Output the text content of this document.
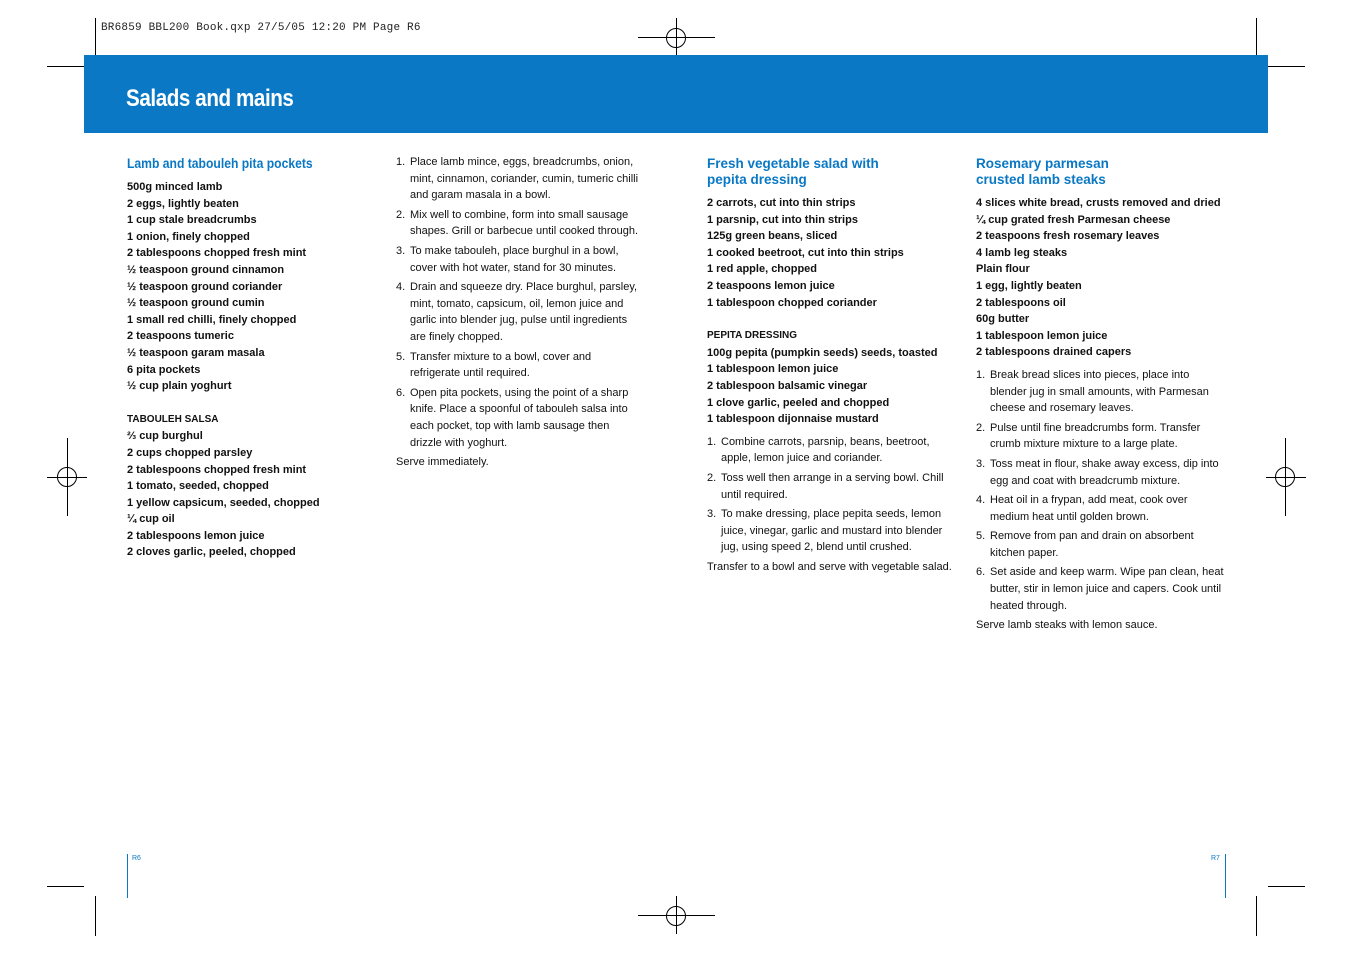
BR6859 BBL200 Book.qxp 27/5/05 12:20 PM Page R6
Salads and mains
Lamb and tabouleh pita pockets
500g minced lamb
2 eggs, lightly beaten
1 cup stale breadcrumbs
1 onion, finely chopped
2 tablespoons chopped fresh mint
½ teaspoon ground cinnamon
½ teaspoon ground coriander
½ teaspoon ground cumin
1 small red chilli, finely chopped
2 teaspoons tumeric
½ teaspoon garam masala
6 pita pockets
½ cup plain yoghurt
TABOULEH SALSA
⅔ cup burghul
2 cups chopped parsley
2 tablespoons chopped fresh mint
1 tomato, seeded, chopped
1 yellow capsicum, seeded, chopped
¼ cup oil
2 tablespoons lemon juice
2 cloves garlic, peeled, chopped
1. Place lamb mince, eggs, breadcrumbs, onion, mint, cinnamon, coriander, cumin, tumeric chilli and garam masala in a bowl.
2. Mix well to combine, form into small sausage shapes. Grill or barbecue until cooked through.
3. To make tabouleh, place burghul in a bowl, cover with hot water, stand for 30 minutes.
4. Drain and squeeze dry. Place burghul, parsley, mint, tomato, capsicum, oil, lemon juice and garlic into blender jug, pulse until ingredients are finely chopped.
5. Transfer mixture to a bowl, cover and refrigerate until required.
6. Open pita pockets, using the point of a sharp knife. Place a spoonful of tabouleh salsa into each pocket, top with lamb sausage then drizzle with yoghurt.
Serve immediately.
Fresh vegetable salad with pepita dressing
2 carrots, cut into thin strips
1 parsnip, cut into thin strips
125g green beans, sliced
1 cooked beetroot, cut into thin strips
1 red apple, chopped
2 teaspoons lemon juice
1 tablespoon chopped coriander
PEPITA DRESSING
100g pepita (pumpkin seeds) seeds, toasted
1 tablespoon lemon juice
2 tablespoon balsamic vinegar
1 clove garlic, peeled and chopped
1 tablespoon dijonnaise mustard
1. Combine carrots, parsnip, beans, beetroot, apple, lemon juice and coriander.
2. Toss well then arrange in a serving bowl. Chill until required.
3. To make dressing, place pepita seeds, lemon juice, vinegar, garlic and mustard into blender jug, using speed 2, blend until crushed.
Transfer to a bowl and serve with vegetable salad.
Rosemary parmesan crusted lamb steaks
4 slices white bread, crusts removed and dried
¼ cup grated fresh Parmesan cheese
2 teaspoons fresh rosemary leaves
4 lamb leg steaks
Plain flour
1 egg, lightly beaten
2 tablespoons oil
60g butter
1 tablespoon lemon juice
2 tablespoons drained capers
1. Break bread slices into pieces, place into blender jug in small amounts, with Parmesan cheese and rosemary leaves.
2. Pulse until fine breadcrumbs form. Transfer crumb mixture mixture to a large plate.
3. Toss meat in flour, shake away excess, dip into egg and coat with breadcrumb mixture.
4. Heat oil in a frypan, add meat, cook over medium heat until golden brown.
5. Remove from pan and drain on absorbent kitchen paper.
6. Set aside and keep warm. Wipe pan clean, heat butter, stir in lemon juice and capers. Cook until heated through.
Serve lamb steaks with lemon sauce.
R6	R7
